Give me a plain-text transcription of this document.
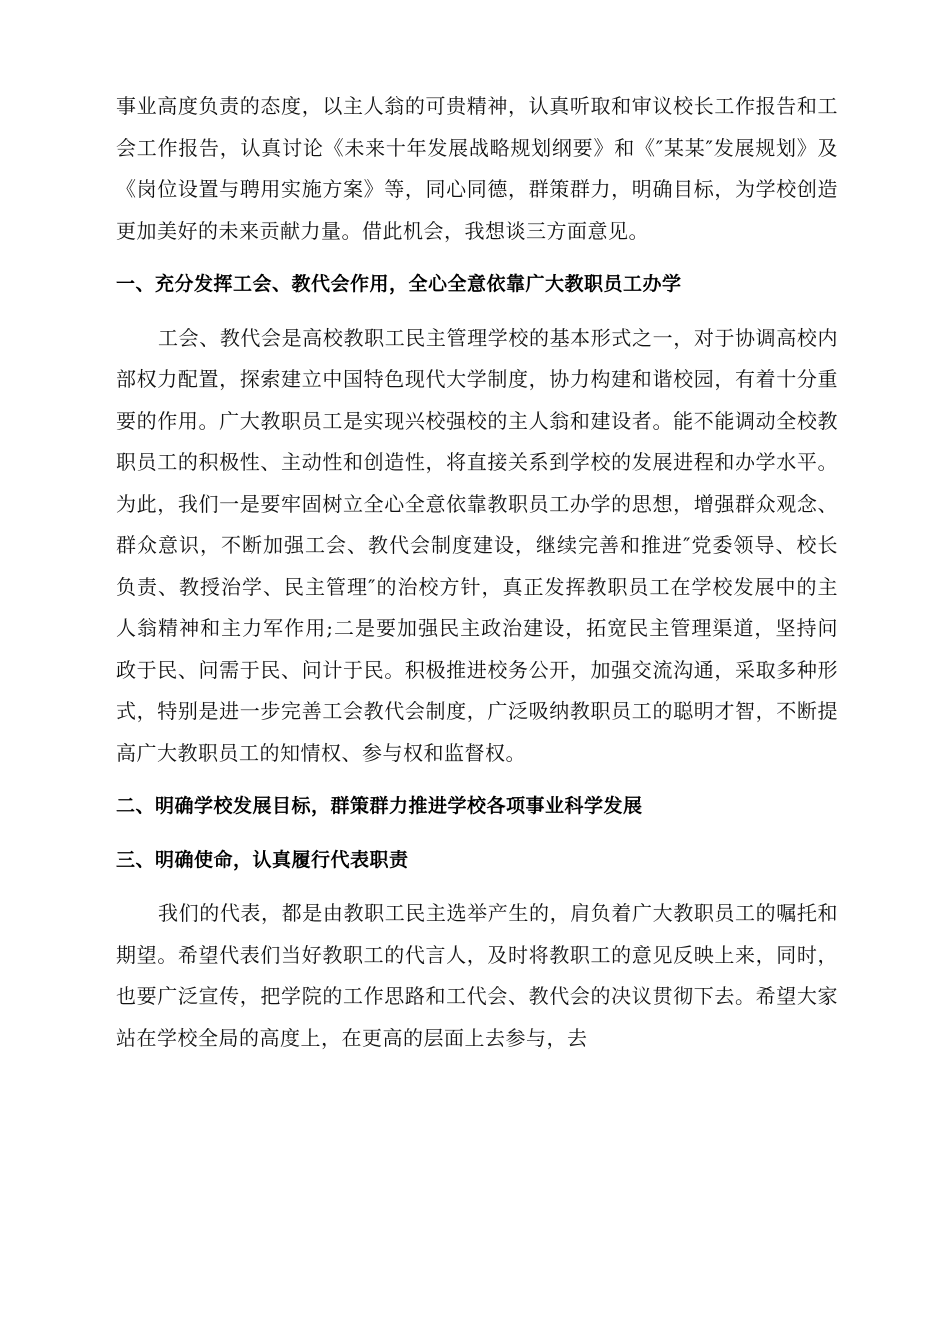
事业高度负责的态度，以主人翁的可贵精神，认真听取和审议校长工作报告和工会工作报告，认真讨论《未来十年发展战略规划纲要》和《″某某″发展规划》及《岗位设置与聘用实施方案》等，同心同德，群策群力，明确目标，为学校创造更加美好的未来贡献力量。借此机会，我想谈三方面意见。

一、充分发挥工会、教代会作用，全心全意依靠广大教职员工办学

工会、教代会是高校教职工民主管理学校的基本形式之一，对于协调高校内部权力配置，探索建立中国特色现代大学制度，协力构建和谐校园，有着十分重要的作用。广大教职员工是实现兴校强校的主人翁和建设者。能不能调动全校教职员工的积极性、主动性和创造性，将直接关系到学校的发展进程和办学水平。为此，我们一是要牢固树立全心全意依靠教职员工办学的思想，增强群众观念、群众意识，不断加强工会、教代会制度建设，继续完善和推进″党委领导、校长负责、教授治学、民主管理″的治校方针，真正发挥教职员工在学校发展中的主人翁精神和主力军作用;二是要加强民主政治建设，拓宽民主管理渠道，坚持问政于民、问需于民、问计于民。积极推进校务公开，加强交流沟通，采取多种形式，特别是进一步完善工会教代会制度，广泛吸纳教职员工的聪明才智，不断提高广大教职员工的知情权、参与权和监督权。

二、明确学校发展目标，群策群力推进学校各项事业科学发展
三、明确使命，认真履行代表职责

我们的代表，都是由教职工民主选举产生的，肩负着广大教职员工的嘱托和期望。希望代表们当好教职工的代言人，及时将教职工的意见反映上来，同时，也要广泛宣传，把学院的工作思路和工代会、教代会的决议贯彻下去。希望大家站在学校全局的高度上，在更高的层面上去参与，去
